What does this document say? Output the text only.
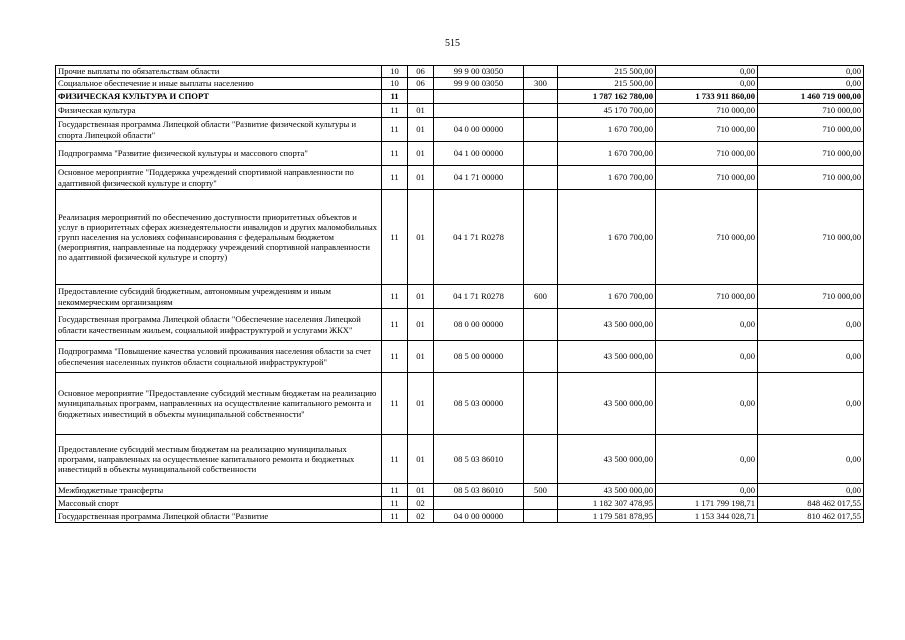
515
Прочие выплаты по обязательствам области	10	06	99 9 00 03050		215 500,00	0,00	0,00
Социальное обеспечение и иные выплаты населению	10	06	99 9 00 03050	300	215 500,00	0,00	0,00
ФИЗИЧЕСКАЯ КУЛЬТУРА И СПОРТ	11				1 787 162 780,00	1 733 911 860,00	1 460 719 000,00
Физическая культура	11	01			45 170 700,00	710 000,00	710 000,00
Государственная программа Липецкой области "Развитие физической культуры и спорта Липецкой области"	11	01	04 0 00 00000		1 670 700,00	710 000,00	710 000,00
Подпрограмма "Развитие физической культуры и массового спорта"	11	01	04 1 00 00000		1 670 700,00	710 000,00	710 000,00
Основное мероприятие "Поддержка учреждений спортивной направленности по адаптивной физической культуре и спорту"	11	01	04 1 71 00000		1 670 700,00	710 000,00	710 000,00
Реализация мероприятий по обеспечению доступности приоритетных объектов и услуг в приоритетных сферах жизнедеятельности инвалидов и других маломобильных групп населения на условиях софинансирования с федеральным бюджетом (мероприятия, направленные на поддержку учреждений спортивной направленности по адаптивной физической культуре и спорту)	11	01	04 1 71 R0278		1 670 700,00	710 000,00	710 000,00
Предоставление субсидий бюджетным, автономным учреждениям и иным некоммерческим организациям	11	01	04 1 71 R0278	600	1 670 700,00	710 000,00	710 000,00
Государственная программа Липецкой области "Обеспечение населения Липецкой области качественным жильем, социальной инфраструктурой и услугами ЖКХ"	11	01	08 0 00 00000		43 500 000,00	0,00	0,00
Подпрограмма "Повышение качества условий проживания населения области за счет обеспечения населенных пунктов области социальной инфраструктурой"	11	01	08 5 00 00000		43 500 000,00	0,00	0,00
Основное мероприятие "Предоставление субсидий местным бюджетам на реализацию муниципальных программ, направленных на осуществление капитального ремонта и бюджетных инвестиций в объекты муниципальной собственности"	11	01	08 5 03 00000		43 500 000,00	0,00	0,00
Предоставление субсидий местным бюджетам на реализацию муниципальных программ, направленных на осуществление капитального ремонта и бюджетных инвестиций в объекты муниципальной собственности	11	01	08 5 03 86010		43 500 000,00	0,00	0,00
Межбюджетные трансферты	11	01	08 5 03 86010	500	43 500 000,00	0,00	0,00
Массовый спорт	11	02			1 182 307 478,95	1 171 799 198,71	848 462 017,55
Государственная программа Липецкой области "Развитие	11	02	04 0 00 00000		1 179 581 878,95	1 153 344 028,71	810 462 017,55
